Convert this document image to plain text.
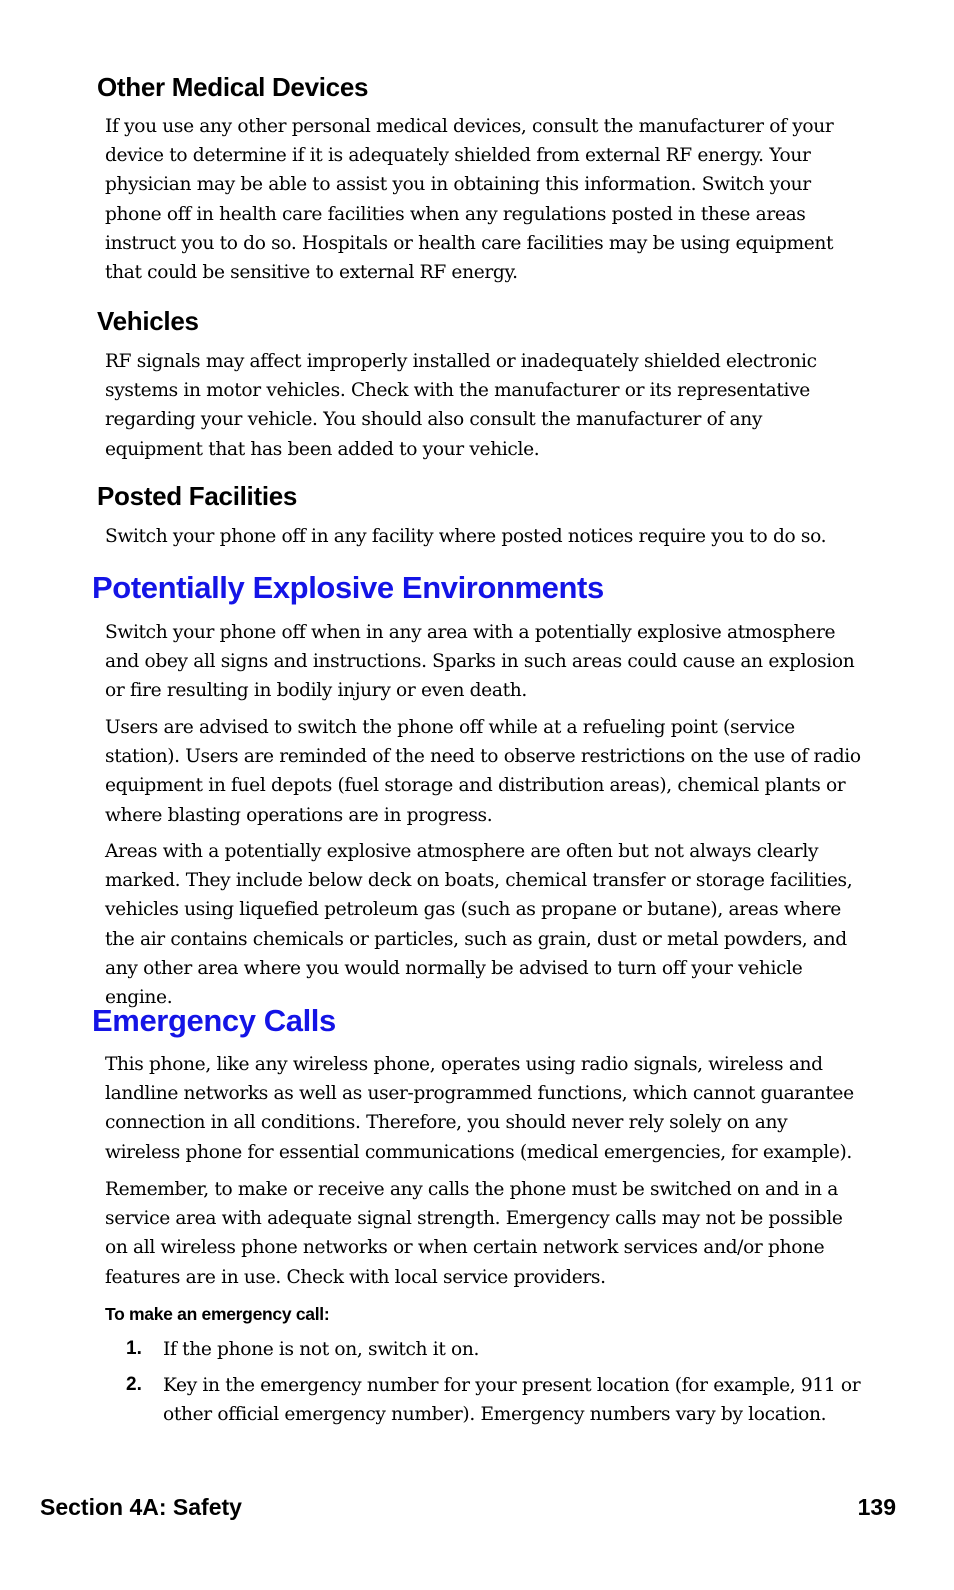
Other Medical Devices

If you use any other personal medical devices, consult the manufacturer of your device to determine if it is adequately shielded from external RF energy. Your physician may be able to assist you in obtaining this information. Switch your phone off in health care facilities when any regulations posted in these areas instruct you to do so. Hospitals or health care facilities may be using equipment that could be sensitive to external RF energy.

Vehicles

RF signals may affect improperly installed or inadequately shielded electronic systems in motor vehicles. Check with the manufacturer or its representative regarding your vehicle. You should also consult the manufacturer of any equipment that has been added to your vehicle.

Posted Facilities

Switch your phone off in any facility where posted notices require you to do so.

Potentially Explosive Environments

Switch your phone off when in any area with a potentially explosive atmosphere and obey all signs and instructions. Sparks in such areas could cause an explosion or fire resulting in bodily injury or even death.

Users are advised to switch the phone off while at a refueling point (service station). Users are reminded of the need to observe restrictions on the use of radio equipment in fuel depots (fuel storage and distribution areas), chemical plants or where blasting operations are in progress.

Areas with a potentially explosive atmosphere are often but not always clearly marked. They include below deck on boats, chemical transfer or storage facilities, vehicles using liquefied petroleum gas (such as propane or butane), areas where the air contains chemicals or particles, such as grain, dust or metal powders, and any other area where you would normally be advised to turn off your vehicle engine.

Emergency Calls

This phone, like any wireless phone, operates using radio signals, wireless and landline networks as well as user-programmed functions, which cannot guarantee connection in all conditions. Therefore, you should never rely solely on any wireless phone for essential communications (medical emergencies, for example).

Remember, to make or receive any calls the phone must be switched on and in a service area with adequate signal strength. Emergency calls may not be possible on all wireless phone networks or when certain network services and/or phone features are in use. Check with local service providers.

To make an emergency call:
1. If the phone is not on, switch it on.

2. Key in the emergency number for your present location (for example, 911 or other official emergency number). Emergency numbers vary by location.

Section 4A: Safety	139
